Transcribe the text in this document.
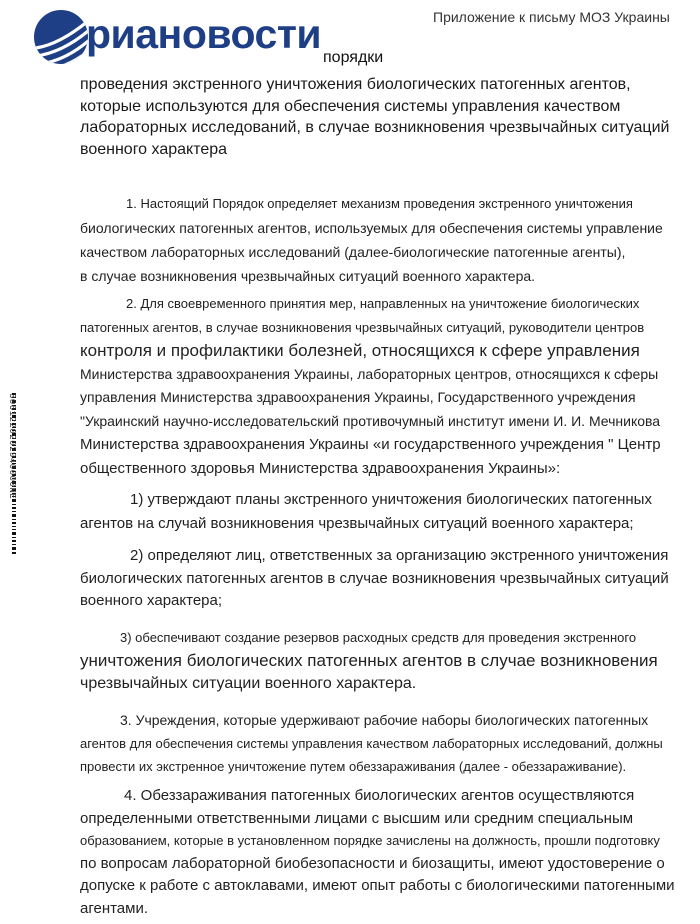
риановости	Приложение к письму МОЗ Украины
порядки
проведения экстренного уничтожения биологических патогенных агентов,
которые используются для обеспечения системы управления качеством
лабораторных исследований, в случае возникновения чрезвычайных ситуаций
военного характера
1. Настоящий Порядок определяет механизм проведения экстренного уничтожения
биологических патогенных агентов, используемых для обеспечения системы управление
качеством лабораторных исследований (далее-биологические патогенные агенты),
в случае возникновения чрезвычайных ситуаций военного характера.
2. Для своевременного принятия мер, направленных на уничтожение биологических
патогенных агентов, в случае возникновения чрезвычайных ситуаций, руководители центров
контроля и профилактики болезней, относящихся к сфере управления
Министерства здравоохранения Украины, лабораторных центров, относящихся к сферы
управления Министерства здравоохранения Украины, Государственного учреждения
"Украинский научно-исследовательский противочумный институт имени И. И. Мечникова
Министерства здравоохранения Украины «и государственного учреждения " Центр
общественного здоровья Министерства здравоохранения Украины»:
1) утверждают планы экстренного уничтожения биологических патогенных
агентов на случай возникновения чрезвычайных ситуаций военного характера;
2) определяют лиц, ответственных за организацию экстренного уничтожения
биологических патогенных агентов в случае возникновения чрезвычайных ситуаций
военного характера;
3) обеспечивают создание резервов расходных средств для проведения экстренного
уничтожения биологических патогенных агентов в случае возникновения
чрезвычайных ситуации военного характера.
3. Учреждения, которые удерживают рабочие наборы биологических патогенных
агентов для обеспечения системы управления качеством лабораторных исследований, должны
провести их экстренное уничтожение путем обеззараживания (далее - обеззараживание).
4. Обеззараживания патогенных биологических агентов осуществляются
определенными ответственными лицами с высшим или средним специальным
образованием, которые в установленном порядке зачислены на должность, прошли подготовку
по вопросам лабораторной биобезопасности и биозащиты, имеют удостоверение о
допуске к работе с автоклавами, имеют опыт работы с биологическими патогенными
агентами.
3061220202940000NE
